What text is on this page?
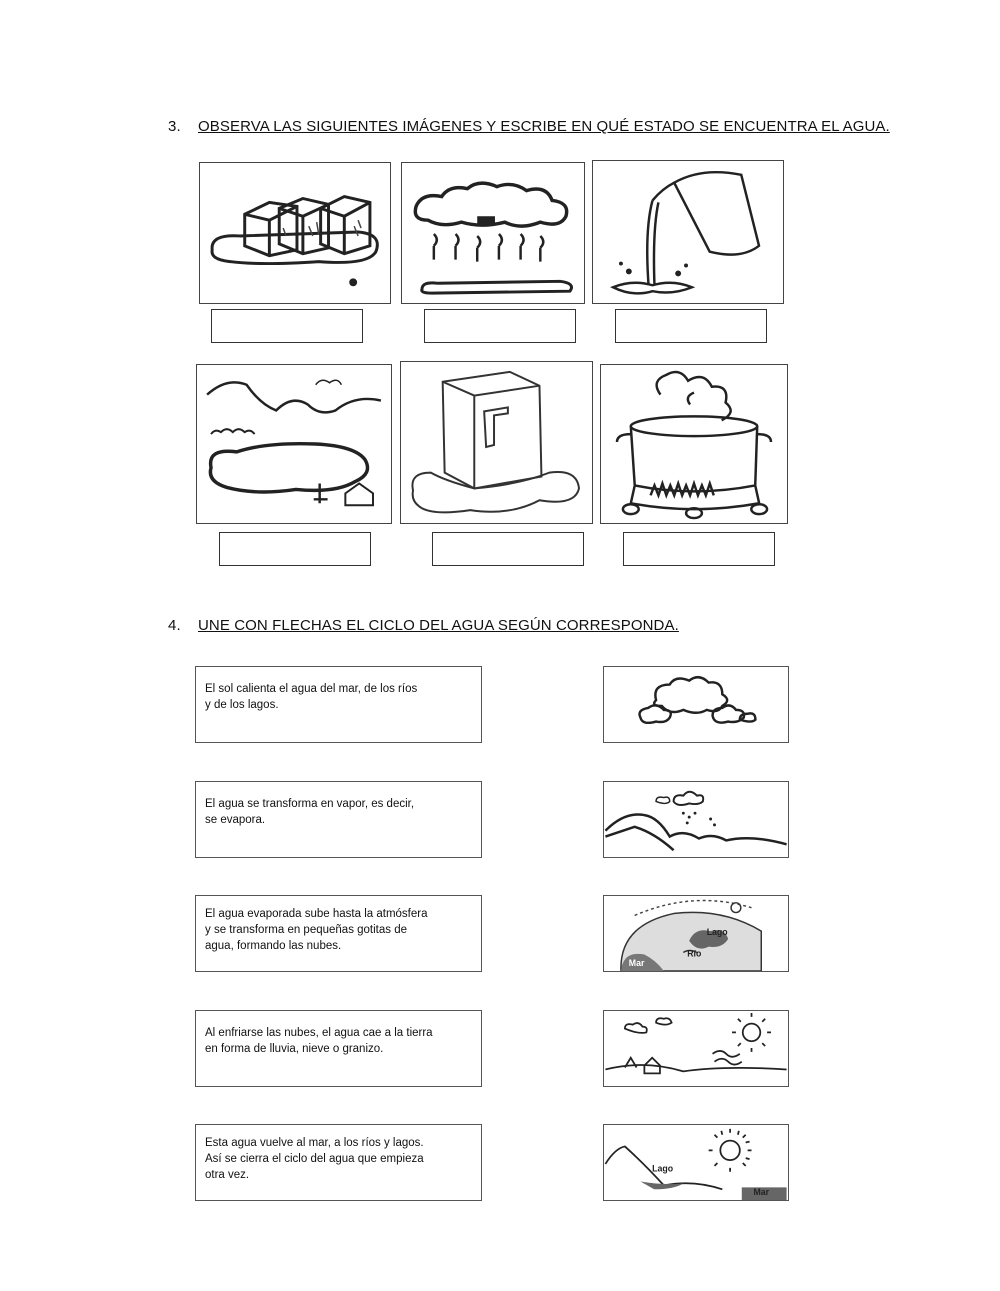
3. OBSERVA LAS SIGUIENTES IMÁGENES Y ESCRIBE EN QUÉ ESTADO SE ENCUENTRA EL AGUA.
4. UNE CON FLECHAS EL CICLO DEL AGUA SEGÚN CORRESPONDA.
El sol calienta el agua del mar, de los ríos
y de los lagos.
El agua se transforma en vapor, es decir,
se evapora.
El agua evaporada sube hasta la atmósfera
y se transforma en pequeñas gotitas de
agua, formando las nubes.
Al enfriarse las nubes, el agua cae a la tierra
en forma de lluvia, nieve o granizo.
Esta agua vuelve al mar, a los ríos y lagos.
Así se cierra el ciclo del agua que empieza
otra vez.
Lago
Río
Mar
Lago
Mar
